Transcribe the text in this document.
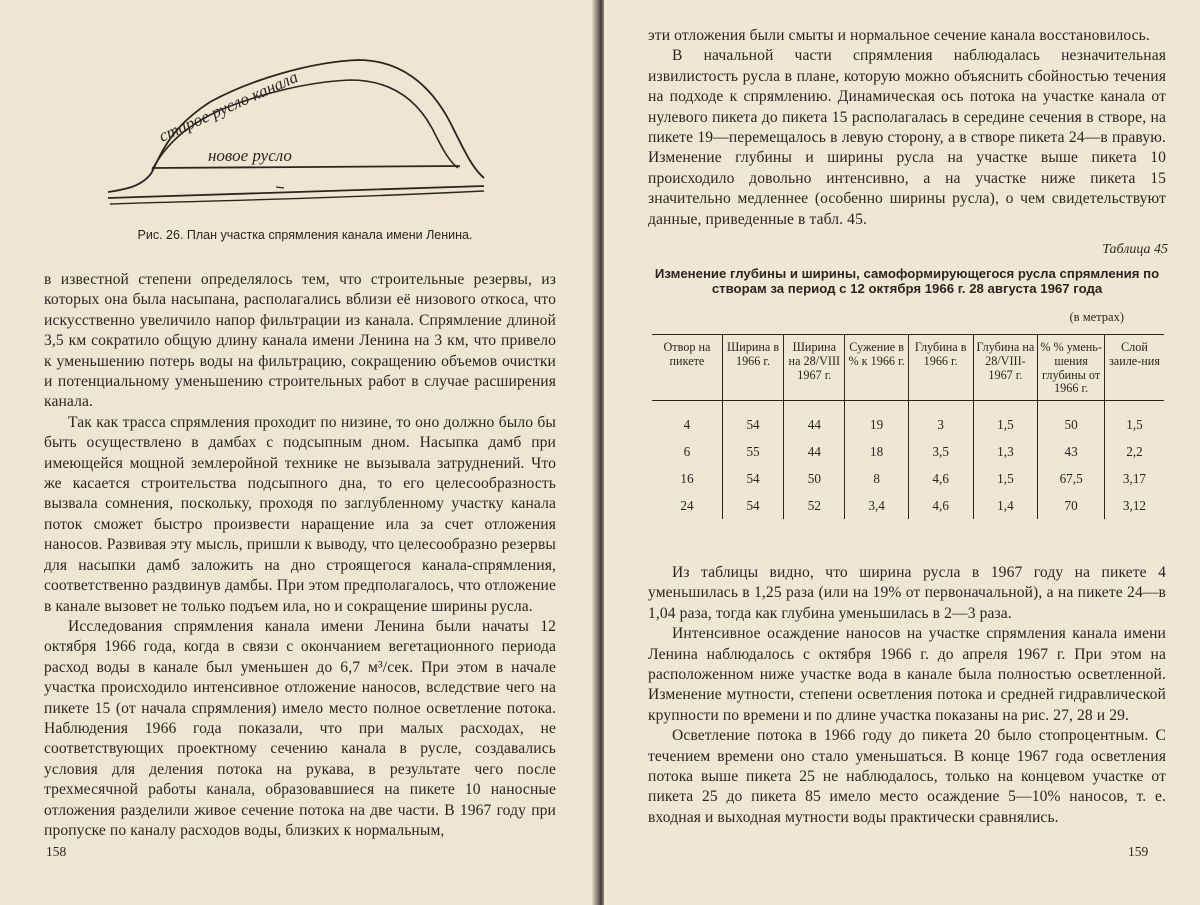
старое русло канала
новое русло
Рис. 26. План участка спрямления канала имени Ленина.

в известной степени определялось тем, что строительные резервы, из которых она была насыпана, располагались вблизи её низового откоса, что искусственно увеличило напор фильтрации из канала. Спрямление длиной 3,5 км сократило общую длину канала имени Ленина на 3 км, что привело к уменьшению потерь воды на фильтрацию, сокращению объемов очистки и потенциальному уменьшению строительных работ в случае расширения канала.

Так как трасса спрямления проходит по низине, то оно должно было бы быть осуществлено в дамбах с подсыпным дном. Насыпка дамб при имеющейся мощной землеройной технике не вызывала затруднений. Что же касается строительства подсыпного дна, то его целесообразность вызвала сомнения, поскольку, проходя по заглубленному участку канала поток сможет быстро произвести наращение ила за счет отложения наносов. Развивая эту мысль, пришли к выводу, что целесообразно резервы для насыпки дамб заложить на дно строящегося канала-спрямления, соответственно раздвинув дамбы. При этом предполагалось, что отложение в канале вызовет не только подъем ила, но и сокращение ширины русла.

Исследования спрямления канала имени Ленина были начаты 12 октября 1966 года, когда в связи с окончанием вегетационного периода расход воды в канале был уменьшен до 6,7 м³/сек. При этом в начале участка происходило интенсивное отложение наносов, вследствие чего на пикете 15 (от начала спрямления) имело место полное осветление потока. Наблюдения 1966 года показали, что при малых расходах, не соответствующих проектному сечению канала в русле, создавались условия для деления потока на рукава, в результате чего после трехмесячной работы канала, образовавшиеся на пикете 10 наносные отложения разделили живое сечение потока на две части. В 1967 году при пропуске по каналу расходов воды, близких к нормальным,

158

эти отложения были смыты и нормальное сечение канала восстановилось.

В начальной части спрямления наблюдалась незначительная извилистость русла в плане, которую можно объяснить сбойностью течения на подходе к спрямлению. Динамическая ось потока на участке канала от нулевого пикета до пикета 15 располагалась в середине сечения в створе, на пикете 19—перемещалось в левую сторону, а в створе пикета 24—в правую. Изменение глубины и ширины русла на участке выше пикета 10 происходило довольно интенсивно, а на участке ниже пикета 15 значительно медленнее (особенно ширины русла), о чем свидетельствуют данные, приведенные в табл. 45.

Таблица 45
Изменение глубины и ширины, самоформирующегося русла спрямления по створам за период с 12 октября 1966 г. 28 августа 1967 года
(в метрах)
Отвор на пикете	Ширина в 1966 г.	Ширина на 28/VIII 1967 г.	Сужение в % к 1966 г.	Глубина в 1966 г.	Глубина на 28/VIII-1967 г.	% % умень-шения глубины от 1966 г.	Слой заиле-ния
4	54	44	19	3	1,5	50	1,5
6	55	44	18	3,5	1,3	43	2,2
16	54	50	8	4,6	1,5	67,5	3,17
24	54	52	3,4	4,6	1,4	70	3,12

Из таблицы видно, что ширина русла в 1967 году на пикете 4 уменьшилась в 1,25 раза (или на 19% от первоначальной), а на пикете 24—в 1,04 раза, тогда как глубина уменьшилась в 2—3 раза.

Интенсивное осаждение наносов на участке спрямления канала имени Ленина наблюдалось с октября 1966 г. до апреля 1967 г. При этом на расположенном ниже участке вода в канале была полностью осветленной. Изменение мутности, степени осветления потока и средней гидравлической крупности по времени и по длине участка показаны на рис. 27, 28 и 29.

Осветление потока в 1966 году до пикета 20 было стопроцентным. С течением времени оно стало уменьшаться. В конце 1967 года осветления потока выше пикета 25 не наблюдалось, только на концевом участке от пикета 25 до пикета 85 имело место осаждение 5—10% наносов, т. е. входная и выходная мутности воды практически сравнялись.

159
